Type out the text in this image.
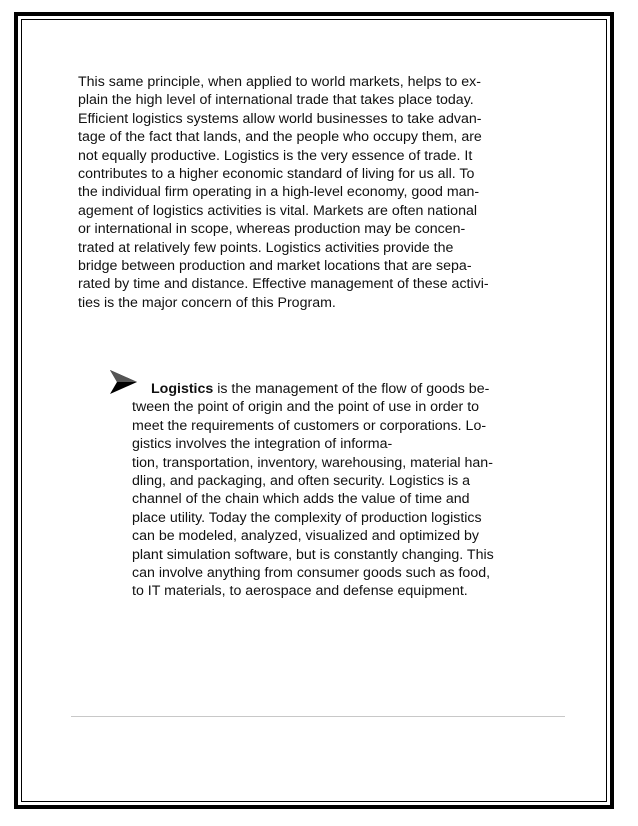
This same principle, when applied to world markets, helps to ex-
plain the high level of international trade that takes place today.
Efficient logistics systems allow world businesses to take advan-
tage of the fact that lands, and the people who occupy them, are
not equally productive. Logistics is the very essence of trade. It
contributes to a higher economic standard of living for us all. To
the individual firm operating in a high-level economy, good man-
agement of logistics activities is vital. Markets are often national
or international in scope, whereas production may be concen-
trated at relatively few points. Logistics activities provide the
bridge between production and market locations that are sepa-
rated by time and distance. Effective management of these activi-
ties is the major concern of this Program.
Logistics is the management of the flow of goods be-
tween the point of origin and the point of use in order to
meet the requirements of customers or corporations. Lo-
gistics involves the integration of informa-
tion, transportation, inventory, warehousing, material han-
dling, and packaging, and often security. Logistics is a
channel of the chain which adds the value of time and
place utility. Today the complexity of production logistics
can be modeled, analyzed, visualized and optimized by
plant simulation software, but is constantly changing. This
can involve anything from consumer goods such as food,
to IT materials, to aerospace and defense equipment.
